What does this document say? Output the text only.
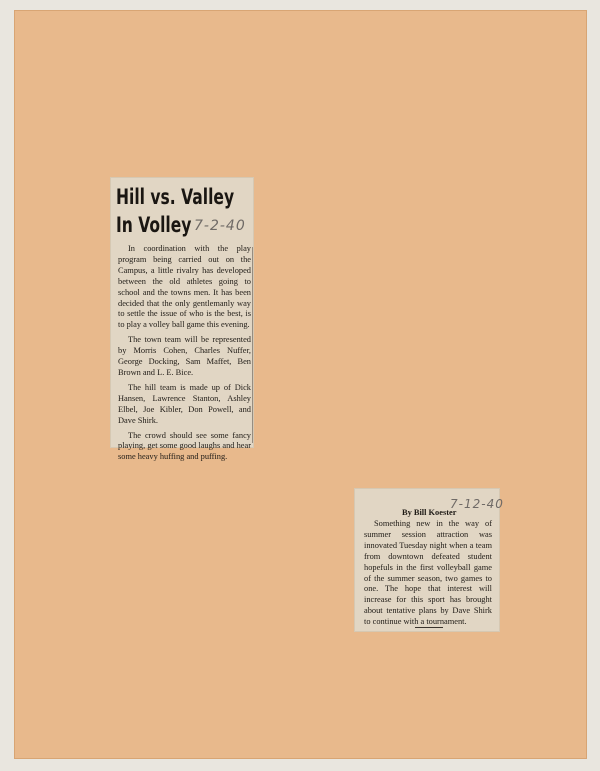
Hill vs. Valley
In Volley 7-2-40

In coordination with the play program being carried out on the Campus, a little rivalry has developed between the old athletes going to school and the towns men. It has been decided that the only gentlemanly way to settle the issue of who is the best, is to play a volley ball game this evening.

The town team will be represented by Morris Cohen, Charles Nuffer, George Docking, Sam Maffet, Ben Brown and L. E. Bice.

The hill team is made up of Dick Hansen, Lawrence Stanton, Ashley Elbel, Joe Kibler, Don Powell, and Dave Shirk.

The crowd should see some fancy playing, get some good laughs and hear some heavy huffing and puffing.

By Bill Koester
7-12-40

Something new in the way of summer session attraction was innovated Tuesday night when a team from downtown defeated student hopefuls in the first volleyball game of the summer season, two games to one. The hope that interest will increase for this sport has brought about tentative plans by Dave Shirk to continue with a tournament.
